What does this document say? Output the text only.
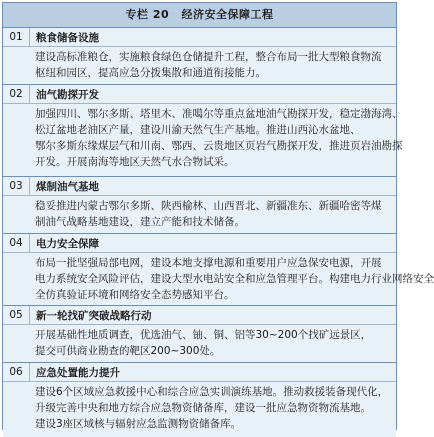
专栏 20 经济安全保障工程
01	粮食储备设施
建设高标准粮仓，实施粮食绿色仓储提升工程，整合布局一批大型粮食物流
枢纽和园区，提高应急分拨集散和通道衔接能力。
02	油气勘探开发
加强四川、鄂尔多斯、塔里木、准噶尔等重点盆地油气勘探开发，稳定渤海湾、
松辽盆地老油区产量，建设川渝天然气生产基地。推进山西沁水盆地、
鄂尔多斯东缘煤层气和川南、鄂西、云贵地区页岩气勘探开发，推进页岩油勘探
开发。开展南海等地区天然气水合物试采。
03	煤制油气基地
稳妥推进内蒙古鄂尔多斯、陕西榆林、山西晋北、新疆准东、新疆哈密等煤
制油气战略基地建设，建立产能和技术储备。
04	电力安全保障
布局一批坚强局部电网，建设本地支撑电源和重要用户应急保安电源，开展
电力系统安全风险评估，建设大型水电站安全和应急管理平台。构建电力行业网络安全
全仿真验证环境和网络安全态势感知平台。
05	新一轮找矿突破战略行动
开展基础性地质调查，优选油气、铀、铜、铝等30~200个找矿远景区，
提交可供商业勘查的靶区200~300处。
06	应急处置能力提升
建设6个区域应急救援中心和综合应急实训演练基地。推动救援装备现代化，
升级完善中央和地方综合应急物资储备库，建设一批应急物资物流基地。
建设3座区域核与辐射应急监测物资储备库。
